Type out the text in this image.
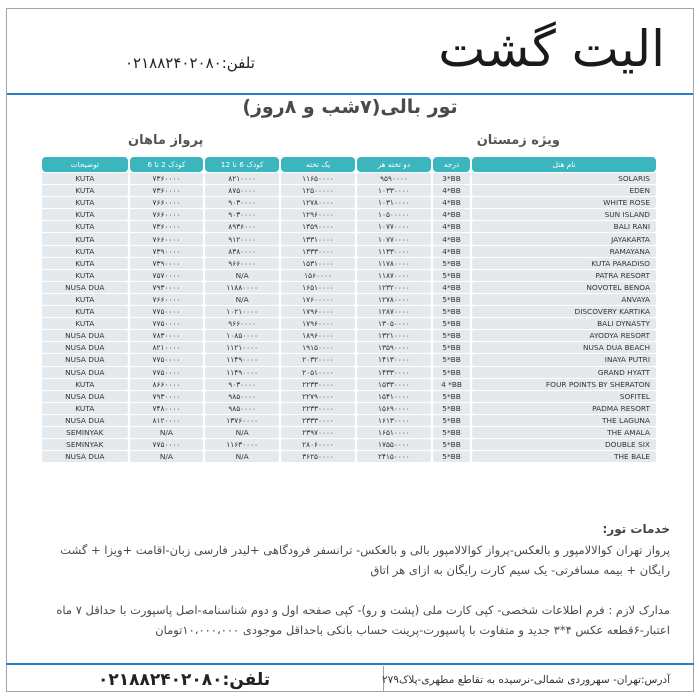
الیت گشت
تلفن:۰۲۱۸۸۲۴۰۲۰۸۰
تور بالی(۷شب و ۸روز)
پرواز ماهان	ویژه زمستان
توضیحات	کودک 2 تا 6	کودک 6 تا 12	یک تخته	دو تخته هر	درجه	نام هتل
KUTA	۷۳۶۰۰۰۰	۸۲۱۰۰۰۰	۱۱۶۵۰۰۰۰	۹۵۹۰۰۰۰	3*BB	SOLARIS
KUTA	۷۳۶۰۰۰۰	۸۷۵۰۰۰۰	۱۲۵۰۰۰۰۰	۱۰۳۳۰۰۰۰	4*BB	EDEN
KUTA	۷۶۶۰۰۰۰	۹۰۳۰۰۰۰	۱۲۷۸۰۰۰۰	۱۰۳۱۰۰۰۰	4*BB	WHITE ROSE
KUTA	۷۶۶۰۰۰۰	۹۰۳۰۰۰۰	۱۲۹۶۰۰۰۰	۱۰۵۰۰۰۰۰	4*BB	SUN ISLAND
KUTA	۷۳۶۰۰۰۰	۸۹۳۶۰۰۰	۱۳۵۹۰۰۰۰	۱۰۷۷۰۰۰۰	4*BB	BALI RANI
KUTA	۷۶۶۰۰۰۰	۹۱۲۰۰۰۰	۱۳۳۱۰۰۰۰	۱۰۷۷۰۰۰۰	4*BB	JAYAKARTA
KUTA	۷۳۹۰۰۰۰	۸۳۸۰۰۰۰	۱۳۳۳۰۰۰۰	۱۱۳۳۰۰۰۰	4*BB	RAMAYANA
KUTA	۷۳۹۰۰۰۰	۹۶۶۰۰۰۰	۱۵۳۱۰۰۰۰	۱۱۷۸۰۰۰۰	5*BB	KUTA PARADISO
KUTA	۷۵۷۰۰۰۰	N/A	۱۵۶۰۰۰۰	۱۱۸۷۰۰۰۰	5*BB	PATRA RESORT
NUSA DUA	۷۹۳۰۰۰۰	۱۱۸۸۰۰۰۰	۱۶۵۱۰۰۰۰	۱۲۳۲۰۰۰۰	4*BB	NOVOTEL BENOA
KUTA	۷۶۶۰۰۰۰	N/A	۱۷۶۰۰۰۰۰	۱۲۷۸۰۰۰۰	5*BB	ANVAYA
KUTA	۷۷۵۰۰۰۰	۱۰۲۱۰۰۰۰	۱۷۹۶۰۰۰۰	۱۲۸۷۰۰۰۰	5*BB	DISCOVERY KARTIKA
KUTA	۷۷۵۰۰۰۰	۹۶۶۰۰۰۰	۱۷۹۶۰۰۰۰	۱۳۰۵۰۰۰۰	5*BB	BALI DYNASTY
NUSA DUA	۷۸۳۰۰۰۰	۱۰۸۵۰۰۰۰	۱۸۹۶۰۰۰۰	۱۳۲۱۰۰۰۰	5*BB	AYODYA RESORT
NUSA DUA	۸۲۱۰۰۰۰	۱۱۲۱۰۰۰۰	۱۹۱۵۰۰۰۰	۱۳۵۹۰۰۰۰	5*BB	NUSA DUA BEACH
NUSA DUA	۷۷۵۰۰۰۰	۱۱۴۹۰۰۰۰	۲۰۳۲۰۰۰۰	۱۴۱۳۰۰۰۰	5*BB	INAYA PUTRI
NUSA DUA	۷۷۵۰۰۰۰	۱۱۴۹۰۰۰۰	۲۰۵۱۰۰۰۰	۱۴۳۳۰۰۰۰	5*BB	GRAND HYATT
KUTA	۸۶۶۰۰۰۰	۹۰۳۰۰۰۰	۲۲۳۳۰۰۰۰	۱۵۳۳۰۰۰۰	4 *BB	FOUR POINTS BY SHERATON
NUSA DUA	۷۹۳۰۰۰۰	۹۸۵۰۰۰۰	۲۲۷۹۰۰۰۰	۱۵۴۱۰۰۰۰	5*BB	SOFITEL
KUTA	۷۴۸۰۰۰۰	۹۸۵۰۰۰۰	۲۲۳۳۰۰۰۰	۱۵۶۹۰۰۰۰	5*BB	PADMA RESORT
NUSA DUA	۸۱۲۰۰۰۰	۱۳۷۶۰۰۰۰	۲۳۳۳۰۰۰۰	۱۶۱۳۰۰۰۰	5*BB	THE LAGUNA
SEMINYAK	N/A	N/A	۲۳۹۷۰۰۰۰	۱۶۵۱۰۰۰۰	5*BB	THE AMALA
SEMINYAK	۷۷۵۰۰۰۰	۱۱۶۳۰۰۰۰	۲۸۰۶۰۰۰۰	۱۷۵۵۰۰۰۰	5*BB	DOUBLE SIX
NUSA DUA	N/A	N/A	۳۶۲۵۰۰۰۰	۲۴۱۵۰۰۰۰	5*BB	THE BALE
خدمات تور:
پرواز تهران کوالالامپور و بالعکس-پرواز کوالالامپور بالی و بالعکس- ترانسفر فرودگاهی +لیدر فارسی زبان-اقامت +ویزا + گشت رایگان + بیمه مسافرتی- یک سیم کارت رایگان به ازای هر اتاق
مدارک لازم : فرم اطلاعات شخصی- کپی کارت ملی (پشت و رو)- کپی صفحه اول و دوم شناسنامه-اصل پاسپورت با حداقل ۷ ماه اعتبار-۶قطعه عکس ۴*۳ جدید و متفاوت با پاسپورت-پرینت حساب بانکی باحداقل موجودی ۱۰،۰۰۰،۰۰۰تومان
تلفن:۰۲۱۸۸۲۴۰۲۰۸۰	آدرس:تهران- سهروردی شمالی-نرسیده به تقاطع مطهری-پلاک۲۷۹
